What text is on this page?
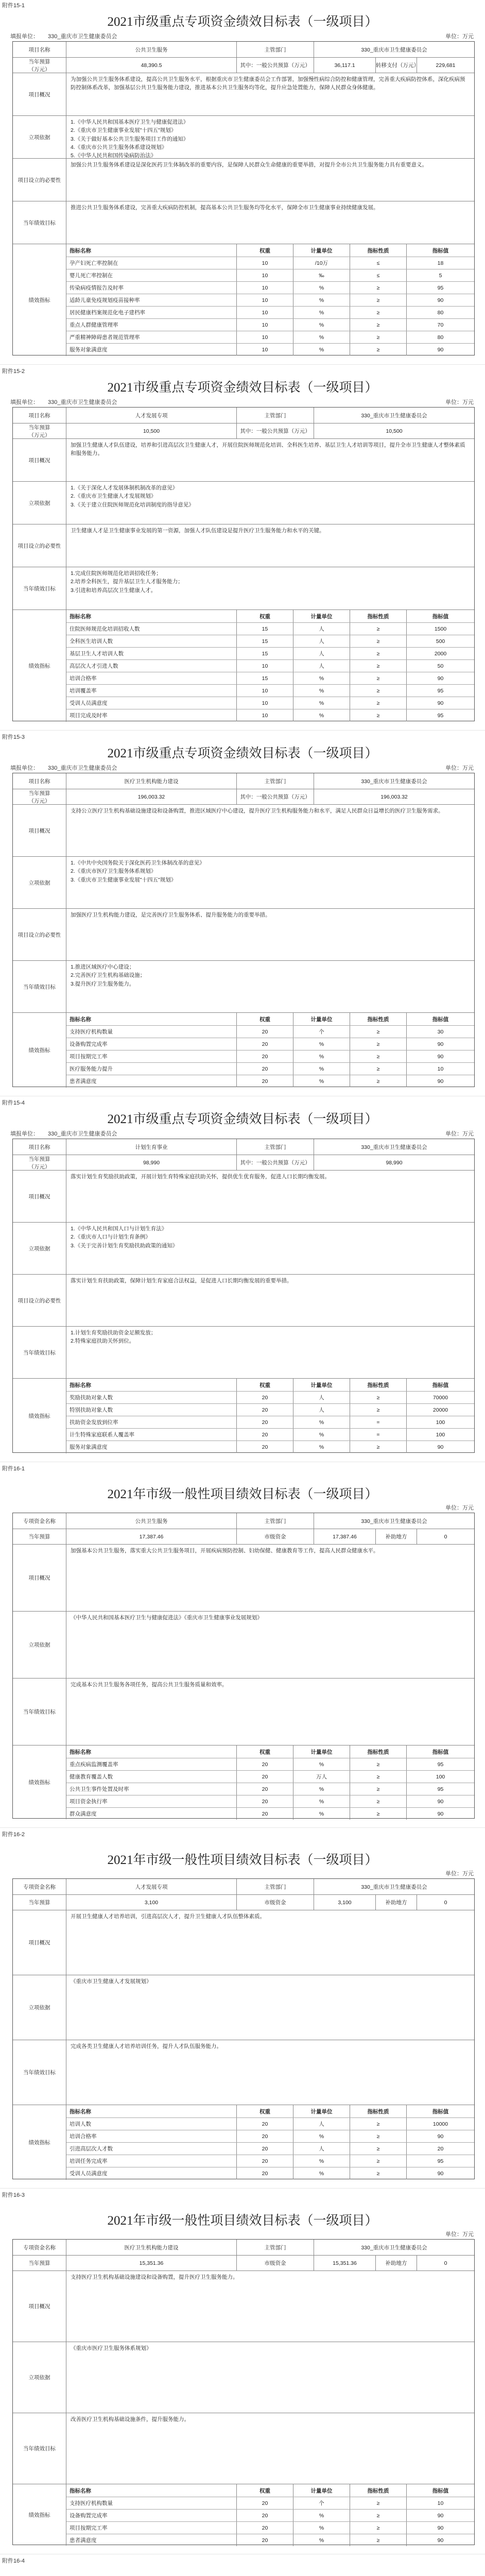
附件15-1
2021市级重点专项资金绩效目标表（一级项目）
单位：万元
填报单位： 330_重庆市卫生健康委员会
项目名称	公共卫生服务	主管部门	330_重庆市卫生健康委员会
当年预算
（万元）
48,390.5	其中：一般公共预算（万元）	36,117.1	转移支付（万元）	229,681
项目概况
为加强公共卫生服务体系建设，提高公共卫生服务水平，根据重庆市卫生健康委员会工作部署，加强慢性病综合防控和健康管理，完善重大疾病防控体系，深化疾病预防控制体系改革，加强基层公共卫生服务能力建设，推进基本公共卫生服务均等化，提升应急处置能力，保障人民群众身体健康。
立项依据
1.《中华人民共和国基本医疗卫生与健康促进法》
2.《重庆市卫生健康事业发展"十四五"规划》
3.《关于做好基本公共卫生服务项目工作的通知》
4.《重庆市公共卫生服务体系建设规划》
5.《中华人民共和国传染病防治法》

项目设立的必要性
加强公共卫生服务体系建设是深化医药卫生体制改革的重要内容，是保障人民群众生命健康的重要举措，对提升全市公共卫生服务能力具有重要意义。
当年绩效目标
推进公共卫生服务体系建设，完善重大疾病防控机制，提高基本公共卫生服务均等化水平，保障全市卫生健康事业持续健康发展。
绩效指标
指标名称	权重	计量单位	指标性质	指标值
孕产妇死亡率控制在	10	/10万	≤	18
婴儿死亡率控制在	10	‰	≤	5
传染病疫情报告及时率	10	%	≥	95
适龄儿童免疫规划疫苗接种率	10	%	≥	90
居民健康档案规范化电子建档率	10	%	≥	80
重点人群健康管理率	10	%	≥	70
严重精神障碍患者规范管理率	10	%	≥	80
服务对象满意度	10	%	≥	90
附件15-2
2021市级重点专项资金绩效目标表（一级项目）
单位：万元
填报单位： 330_重庆市卫生健康委员会
项目名称	人才发展专项	主管部门	330_重庆市卫生健康委员会
当年预算
（万元）
10,500	其中：一般公共预算（万元）	10,500
项目概况
加强卫生健康人才队伍建设，培养和引进高层次卫生健康人才，开展住院医师规范化培训、全科医生培养、基层卫生人才培训等项目，提升全市卫生健康人才整体素质和服务能力。
立项依据
1.《关于深化人才发展体制机制改革的意见》
2.《重庆市卫生健康人才发展规划》
3.《关于建立住院医师规范化培训制度的指导意见》
项目设立的必要性
卫生健康人才是卫生健康事业发展的第一资源，加强人才队伍建设是提升医疗卫生服务能力和水平的关键。
当年绩效目标
1.完成住院医师规范化培训招收任务；
2.培养全科医生，提升基层卫生人才服务能力；
3.引进和培养高层次卫生健康人才。
绩效指标
指标名称	权重	计量单位	指标性质	指标值
住院医师规范化培训招收人数	15	人	≥	1500
全科医生培训人数	15	人	≥	500
基层卫生人才培训人数	15	人	≥	2000
高层次人才引进人数	10	人	≥	50
培训合格率	15	%	≥	90
培训覆盖率	10	%	≥	95
受训人员满意度	10	%	≥	90
项目完成及时率	10	%	≥	95
附件15-3
2021市级重点专项资金绩效目标表（一级项目）
单位：万元
填报单位： 330_重庆市卫生健康委员会
项目名称	医疗卫生机构能力建设	主管部门	330_重庆市卫生健康委员会
当年预算
（万元）
196,003.32	其中：一般公共预算（万元）	196,003.32
项目概况
支持公立医疗卫生机构基础设施建设和设备购置，推进区域医疗中心建设，提升医疗卫生机构服务能力和水平，满足人民群众日益增长的医疗卫生服务需求。
立项依据
1.《中共中央国务院关于深化医药卫生体制改革的意见》
2.《重庆市医疗卫生服务体系规划》
3.《重庆市卫生健康事业发展"十四五"规划》
项目设立的必要性
加强医疗卫生机构能力建设，是完善医疗卫生服务体系、提升服务能力的重要举措。
当年绩效目标
1.推进区域医疗中心建设；
2.完善医疗卫生机构基础设施；
3.提升医疗卫生服务能力。
绩效指标
指标名称	权重	计量单位	指标性质	指标值
支持医疗机构数量	20	个	≥	30
设备购置完成率	20	%	≥	90
项目按期完工率	20	%	≥	90
医疗服务能力提升	20	%	≥	10
患者满意度	20	%	≥	90
附件15-4
2021市级重点专项资金绩效目标表（一级项目）
单位：万元
填报单位： 330_重庆市卫生健康委员会
项目名称	计划生育事业	主管部门	330_重庆市卫生健康委员会
当年预算
（万元）
98,990	其中：一般公共预算（万元）	98,990
项目概况
落实计划生育奖励扶助政策，开展计划生育特殊家庭扶助关怀，提供优生优育服务，促进人口长期均衡发展。
立项依据
1.《中华人民共和国人口与计划生育法》
2.《重庆市人口与计划生育条例》
3.《关于完善计划生育奖励扶助政策的通知》
项目设立的必要性
落实计划生育扶助政策，保障计划生育家庭合法权益，是促进人口长期均衡发展的重要举措。
当年绩效目标
1.计划生育奖励扶助资金足额发放；
2.特殊家庭扶助关怀到位。
绩效指标
指标名称	权重	计量单位	指标性质	指标值
奖励扶助对象人数	20	人	≥	70000
特别扶助对象人数	20	人	≥	20000
扶助资金发放到位率	20	%	=	100
计生特殊家庭联系人覆盖率	20	%	=	100
服务对象满意度	20	%	≥	90
附件16-1
2021年市级一般性项目绩效目标表（一级项目）
单位：万元
专项资金名称	公共卫生服务	主管部门	330_重庆市卫生健康委员会
当年预算	17,387.46	市级资金	17,387.46	补助地方	0
项目概况
加强基本公共卫生服务，落实重大公共卫生服务项目，开展疾病预防控制、妇幼保健、健康教育等工作，提高人民群众健康水平。
立项依据
《中华人民共和国基本医疗卫生与健康促进法》《重庆市卫生健康事业发展规划》
当年绩效目标
完成基本公共卫生服务各项任务，提高公共卫生服务质量和效率。
绩效指标
指标名称	权重	计量单位	指标性质	指标值
重点疾病监测覆盖率	20	%	≥	95
健康教育覆盖人数	20	万人	≥	100
公共卫生事件处置及时率	20	%	≥	95
项目资金执行率	20	%	≥	90
群众满意度	20	%	≥	90
附件16-2
2021年市级一般性项目绩效目标表（一级项目）
单位：万元
专项资金名称	人才发展专项	主管部门	330_重庆市卫生健康委员会
当年预算	3,100	市级资金	3,100	补助地方	0
项目概况
开展卫生健康人才培养培训，引进高层次人才，提升卫生健康人才队伍整体素质。
立项依据
《重庆市卫生健康人才发展规划》
当年绩效目标
完成各类卫生健康人才培养培训任务，提升人才队伍服务能力。
绩效指标
指标名称	权重	计量单位	指标性质	指标值
培训人数	20	人	≥	10000
培训合格率	20	%	≥	90
引进高层次人才数	20	人	≥	20
培训任务完成率	20	%	≥	95
受训人员满意度	20	%	≥	90
附件16-3
2021年市级一般性项目绩效目标表（一级项目）
单位：万元
专项资金名称	医疗卫生机构能力建设	主管部门	330_重庆市卫生健康委员会
当年预算	15,351.36	市级资金	15,351.36	补助地方	0
项目概况
支持医疗卫生机构基础设施建设和设备购置，提升医疗卫生服务能力。
立项依据
《重庆市医疗卫生服务体系规划》
当年绩效目标
改善医疗卫生机构基础设施条件，提升服务能力。
绩效指标
指标名称	权重	计量单位	指标性质	指标值
支持医疗机构数量	20	个	≥	10
设备购置完成率	20	%	≥	90
项目按期完工率	20	%	≥	90
患者满意度	20	%	≥	90
附件16-4
